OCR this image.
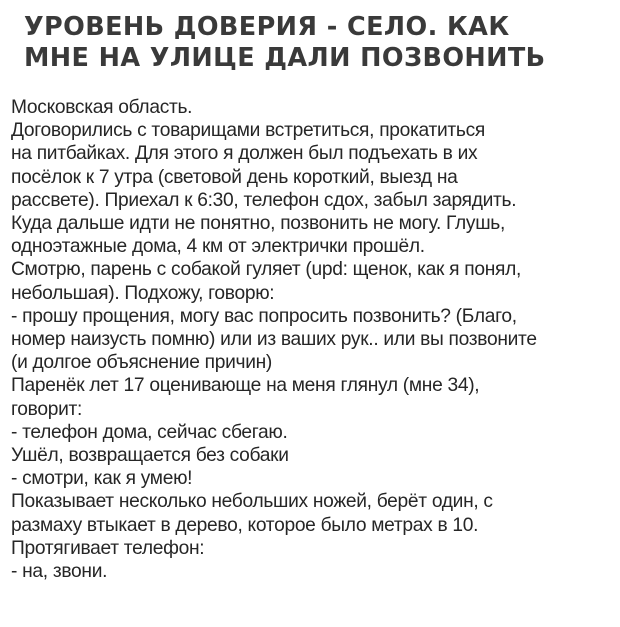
УРОВЕНЬ ДОВЕРИЯ - СЕЛО. КАК
МНЕ НА УЛИЦЕ ДАЛИ ПОЗВОНИТЬ
Московская область.
Договорились с товарищами встретиться, прокатиться
на питбайках. Для этого я должен был подъехать в их
посёлок к 7 утра (световой день короткий, выезд на
рассвете). Приехал к 6:30, телефон сдох, забыл зарядить.
Куда дальше идти не понятно, позвонить не могу. Глушь,
одноэтажные дома, 4 км от электрички прошёл.
Смотрю, парень с собакой гуляет (upd: щенок, как я понял,
небольшая). Подхожу, говорю:
- прошу прощения, могу вас попросить позвонить? (Благо,
номер наизусть помню) или из ваших рук.. или вы позвоните
(и долгое объяснение причин)
Паренёк лет 17 оценивающе на меня глянул (мне 34),
говорит:
- телефон дома, сейчас сбегаю.
Ушёл, возвращается без собаки
- смотри, как я умею!
Показывает несколько небольших ножей, берёт один, с
размаху втыкает в дерево, которое было метрах в 10.
Протягивает телефон:
- на, звони.
